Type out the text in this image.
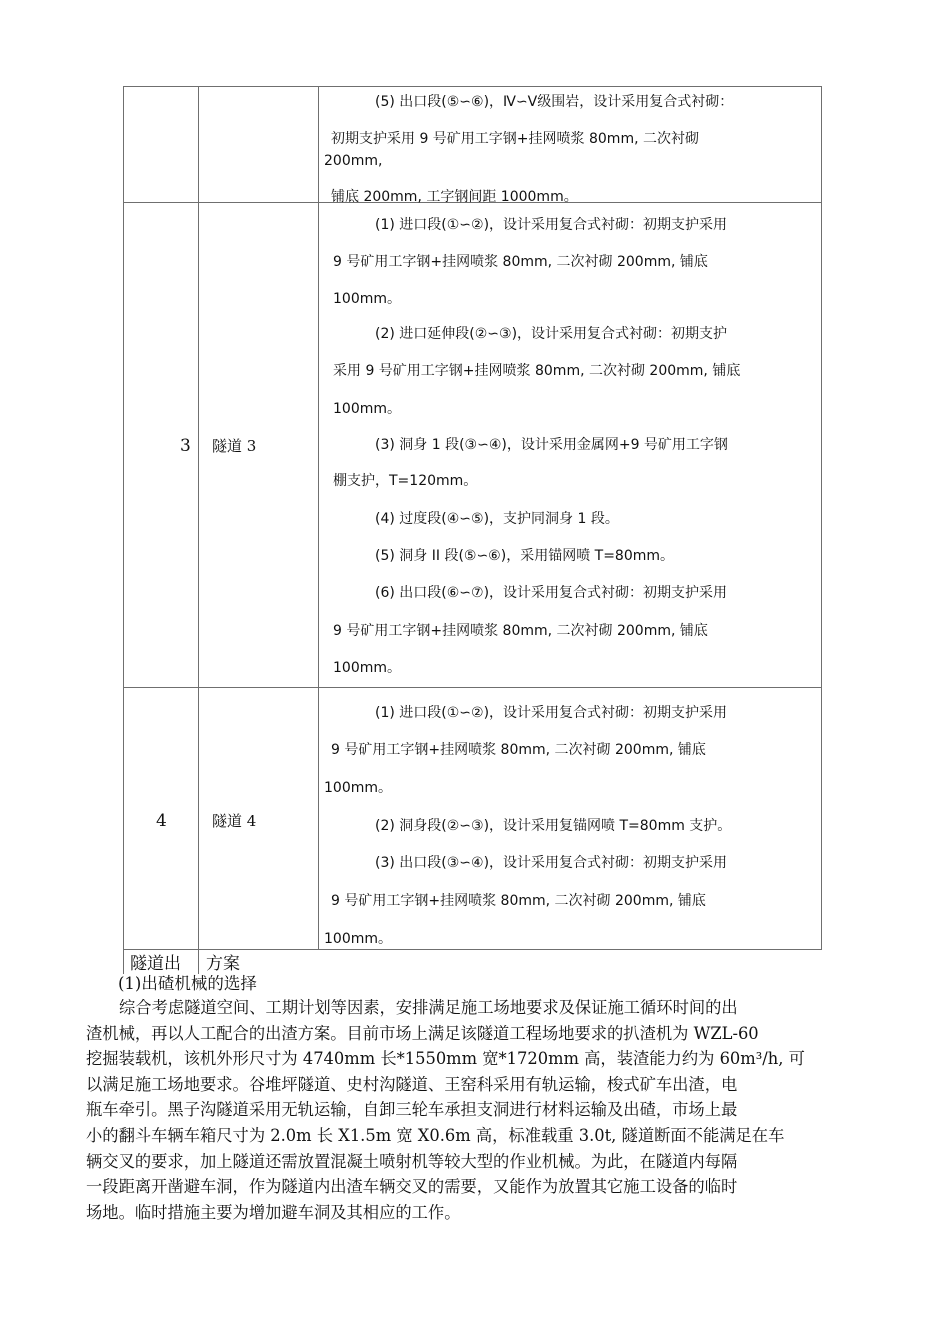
(5) 出口段(⑤∽⑥)，Ⅳ∽Ⅴ级围岩，设计采用复合式衬砌：
初期支护采用 9 号矿用工字钢+挂网喷浆 80mm, 二次衬砌
200mm,
铺底 200mm, 工字钢间距 1000mm。
3 隧道 3
(1) 进口段(①∽②)，设计采用复合式衬砌：初期支护采用
9 号矿用工字钢+挂网喷浆 80mm, 二次衬砌 200mm, 铺底
100mm。
(2) 进口延伸段(②∽③)，设计采用复合式衬砌：初期支护
采用 9 号矿用工字钢+挂网喷浆 80mm, 二次衬砌 200mm, 铺底
100mm。
(3) 洞身 1 段(③∽④)，设计采用金属网+9 号矿用工字钢
棚支护，T=120mm。
(4) 过度段(④∽⑤)，支护同洞身 1 段。
(5) 洞身 II 段(⑤∽⑥)，采用锚网喷 T=80mm。
(6) 出口段(⑥∽⑦)，设计采用复合式衬砌：初期支护采用
9 号矿用工字钢+挂网喷浆 80mm, 二次衬砌 200mm, 铺底
100mm。
4	隧道 4
(1) 进口段(①∽②)，设计采用复合式衬砌：初期支护采用
9 号矿用工字钢+挂网喷浆 80mm, 二次衬砌 200mm, 铺底
100mm。
(2) 洞身段(②∽③)，设计采用复锚网喷 T=80mm 支护。
(3) 出口段(③∽④)，设计采用复合式衬砌：初期支护采用
9 号矿用工字钢+挂网喷浆 80mm, 二次衬砌 200mm, 铺底
100mm。
隧道出 方案
(1)出碴机械的选择
综合考虑隧道空间、工期计划等因素，安排满足施工场地要求及保证施工循环时间的出
渣机械，再以人工配合的出渣方案。目前市场上满足该隧道工程场地要求的扒渣机为 WZL-60
挖掘装载机，该机外形尺寸为 4740mm 长*1550mm 宽*1720mm 高，装渣能力约为 60m³/h, 可
以满足施工场地要求。谷堆坪隧道、史村沟隧道、王窑科采用有轨运输，梭式矿车出渣，电
瓶车牵引。黑子沟隧道采用无轨运输，自卸三轮车承担支洞进行材料运输及出碴，市场上最
小的翻斗车辆车箱尺寸为 2.0m 长 X1.5m 宽 X0.6m 高，标准载重 3.0t, 隧道断面不能满足在车
辆交叉的要求，加上隧道还需放置混凝土喷射机等较大型的作业机械。为此，在隧道内每隔
一段距离开凿避车洞，作为隧道内出渣车辆交叉的需要，又能作为放置其它施工设备的临时
场地。临时措施主要为增加避车洞及其相应的工作。
